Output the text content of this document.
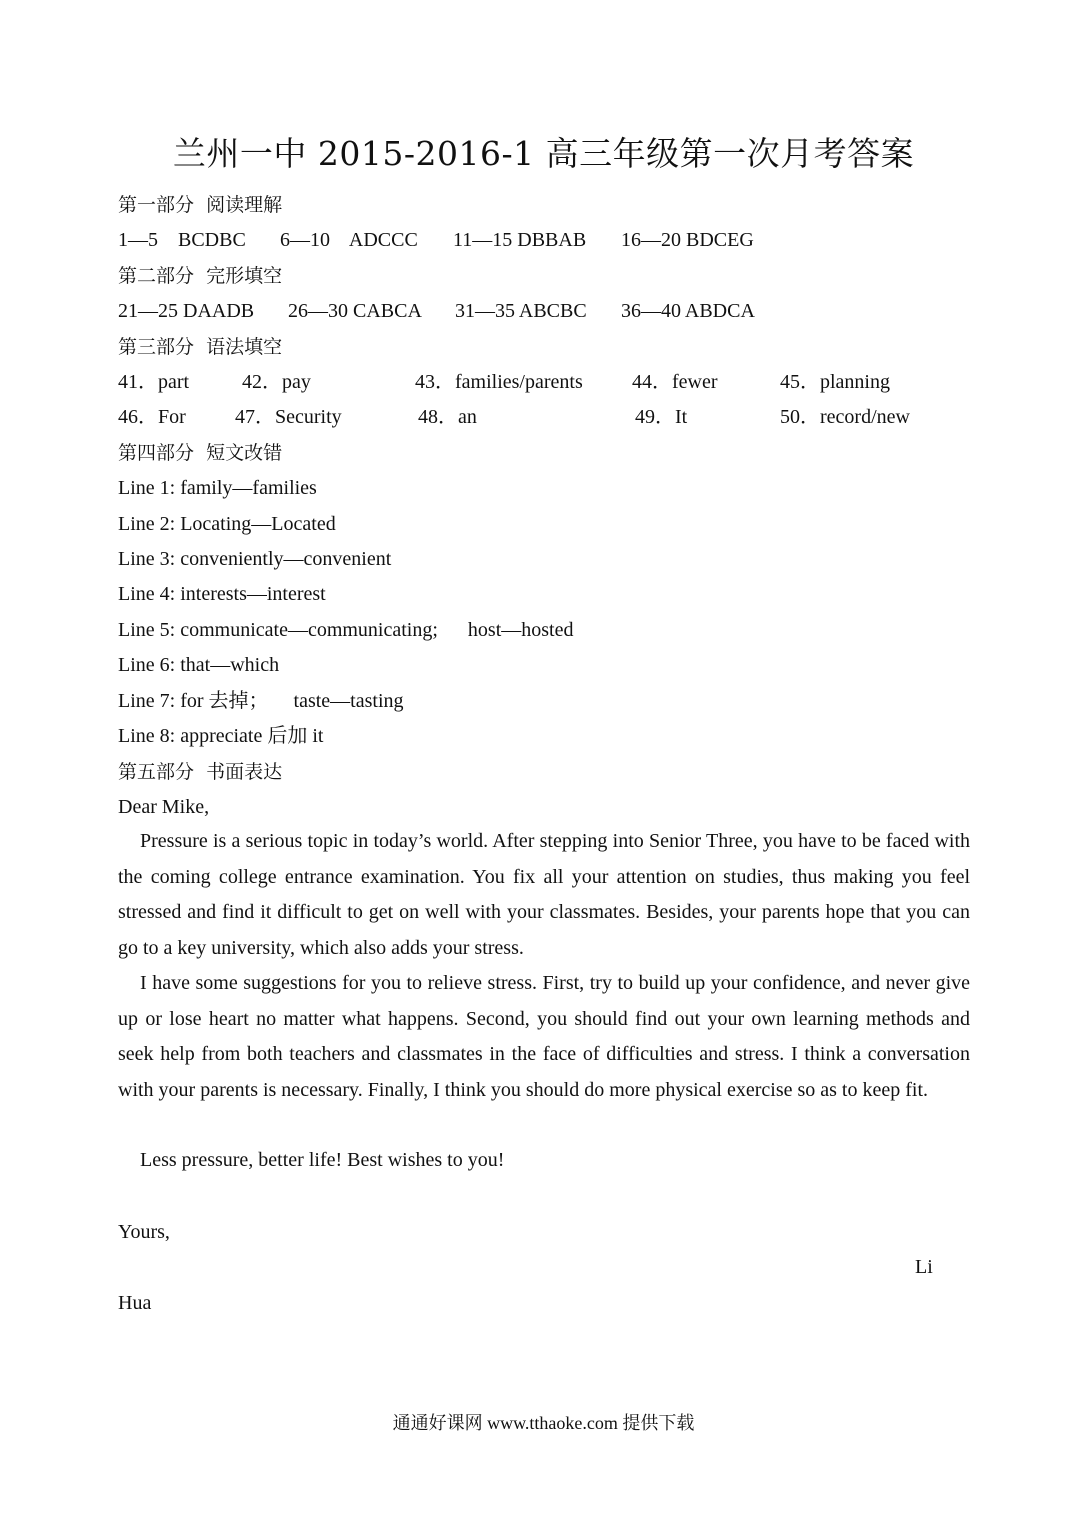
兰州一中 2015-2016-1 高三年级第一次月考答案
第一部分  阅读理解
1—5    BCDBC 6—10    ADCCC 11—15 DBBAB 16—20 BDCEG
第二部分  完形填空
21—25 DAADB 26—30 CABCA 31—35 ABCBC 36—40 ABDCA
第三部分  语法填空
41．part	42．pay	43．families/parents 44．fewer	45．planning
46．For 47．Security	48．an	49．It	50．record/new
第四部分  短文改错
Line 1: family—families
Line 2: Locating—Located
Line 3: conveniently—convenient
Line 4: interests—interest
Line 5: communicate—communicating;      host—hosted
Line 6: that—which
Line 7: for 去掉；     taste—tasting
Line 8: appreciate 后加 it
第五部分  书面表达
Dear Mike,
Pressure is a serious topic in today’s world. After stepping into Senior Three, you have to be faced with the coming college entrance examination. You fix all your attention on studies, thus making you feel stressed and find it difficult to get on well with your classmates. Besides, your parents hope that you can go to a key university, which also adds your stress.
I have some suggestions for you to relieve stress. First, try to build up your confidence, and never give up or lose heart no matter what happens. Second, you should find out your own learning methods and seek help from both teachers and classmates in the face of difficulties and stress. I think a conversation with your parents is necessary. Finally, I think you should do more physical exercise so as to keep fit.
Less pressure, better life! Best wishes to you!
Yours,
Li
Hua
通通好课网 www.tthaoke.com 提供下载
